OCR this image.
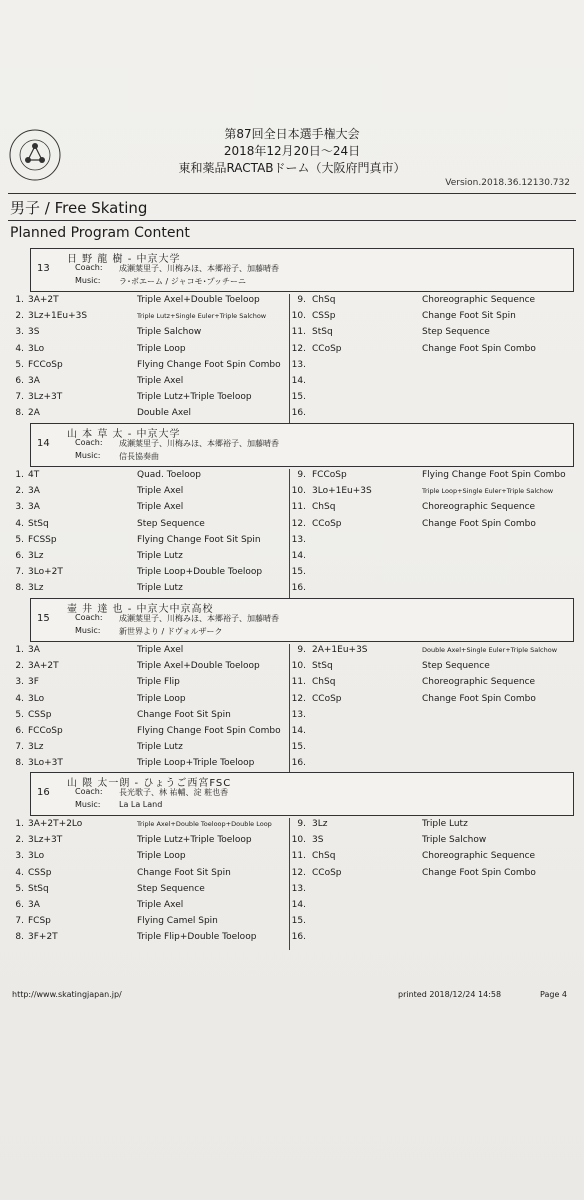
第87回全日本選手権大会
2018年12月20日～24日
東和薬品RACTABドーム（大阪府門真市）
Version.2018.36.12130.732
男子 / Free Skating
Planned Program Content
日 野 龍 樹 - 中京大学
13	Coach: 成瀬葉里子、川梅みほ、本郷裕子、加藤晴香
Music: ラ･ボエーム / ジャコモ･プッチーニ
1. 3A+2T	Triple Axel+Double Toeloop
2. 3Lz+1Eu+3S	Triple Lutz+Single Euler+Triple Salchow
3. 3S	Triple Salchow
4. 3Lo	Triple Loop
5. FCCoSp	Flying Change Foot Spin Combo
6. 3A	Triple Axel
7. 3Lz+3T	Triple Lutz+Triple Toeloop
8. 2A	Double Axel
9. ChSq	Choreographic Sequence
10. CSSp	Change Foot Sit Spin
11. StSq	Step Sequence
12. CCoSp	Change Foot Spin Combo
13.
14.
15.
16.
山 本 草 太 - 中京大学
14	Coach: 成瀬葉里子、川梅みほ、本郷裕子、加藤晴香
Music: 信長協奏曲
1. 4T	Quad. Toeloop
2. 3A	Triple Axel
3. 3A	Triple Axel
4. StSq	Step Sequence
5. FCSSp	Flying Change Foot Sit Spin
6. 3Lz	Triple Lutz
7. 3Lo+2T	Triple Loop+Double Toeloop
8. 3Lz	Triple Lutz
9. FCCoSp	Flying Change Foot Spin Combo
10. 3Lo+1Eu+3S	Triple Loop+Single Euler+Triple Salchow
11. ChSq	Choreographic Sequence
12. CCoSp	Change Foot Spin Combo
13.
14.
15.
16.
壷 井 達 也 - 中京大中京高校
15	Coach: 成瀬葉里子、川梅みほ、本郷裕子、加藤晴香
Music: 新世界より / ドヴォルザーク
1. 3A	Triple Axel
2. 3A+2T	Triple Axel+Double Toeloop
3. 3F	Triple Flip
4. 3Lo	Triple Loop
5. CSSp	Change Foot Sit Spin
6. FCCoSp	Flying Change Foot Spin Combo
7. 3Lz	Triple Lutz
8. 3Lo+3T	Triple Loop+Triple Toeloop
9. 2A+1Eu+3S	Double Axel+Single Euler+Triple Salchow
10. StSq	Step Sequence
11. ChSq	Choreographic Sequence
12. CCoSp	Change Foot Spin Combo
13.
14.
15.
16.
山 隈 太一朗 - ひょうご西宮FSC
16	Coach: 長光歌子、林 祐輔、淀 粧也香
Music: La La Land
1. 3A+2T+2Lo	Triple Axel+Double Toeloop+Double Loop
2. 3Lz+3T	Triple Lutz+Triple Toeloop
3. 3Lo	Triple Loop
4. CSSp	Change Foot Sit Spin
5. StSq	Step Sequence
6. 3A	Triple Axel
7. FCSp	Flying Camel Spin
8. 3F+2T	Triple Flip+Double Toeloop
9. 3Lz	Triple Lutz
10. 3S	Triple Salchow
11. ChSq	Choreographic Sequence
12. CCoSp	Change Foot Spin Combo
13.
14.
15.
16.
http://www.skatingjapan.jp/	printed 2018/12/24 14:58	Page 4
